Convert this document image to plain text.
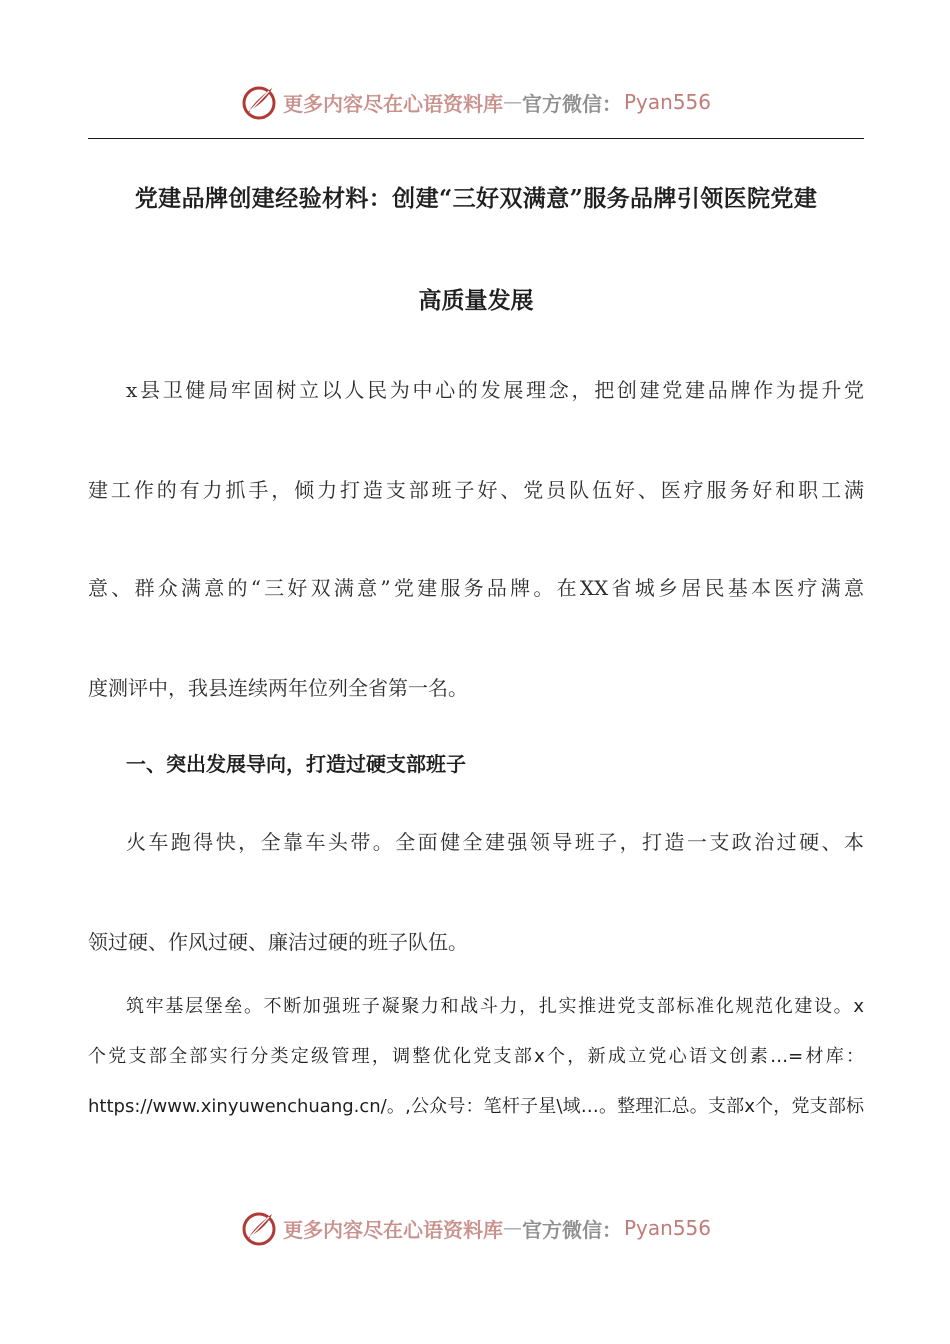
更多内容尽在心语资料库 — 官方微信： Pyan556
党建品牌创建经验材料：创建“三好双满意”服务品牌引领医院党建
高质量发展
x县卫健局牢固树立以人民为中心的发展理念，把创建党建品牌作为提升党
建工作的有力抓手，倾力打造支部班子好、党员队伍好、医疗服务好和职工满
意、群众满意的“三好双满意”党建服务品牌。在XX省城乡居民基本医疗满意
度测评中，我县连续两年位列全省第一名。
一、突出发展导向，打造过硬支部班子
火车跑得快，全靠车头带。全面健全建强领导班子，打造一支政治过硬、本
领过硬、作风过硬、廉洁过硬的班子队伍。
筑牢基层堡垒。不断加强班子凝聚力和战斗力，扎实推进党支部标准化规范化建设。x
个党支部全部实行分类定级管理，调整优化党支部x个，新成立党心语文创素…=材库：
https://www.xinyuwenchuang.cn/。,公众号：笔杆子星\域…。整理汇总。支部x个，党支部标
更多内容尽在心语资料库 — 官方微信： Pyan556
